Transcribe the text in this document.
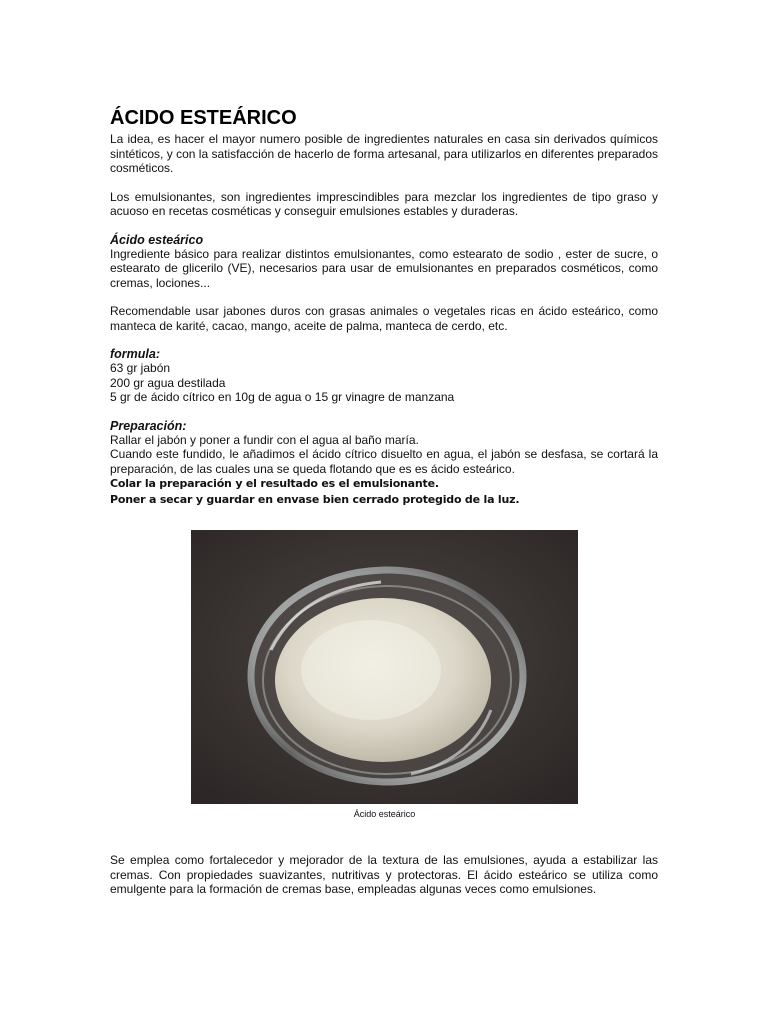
ÁCIDO ESTEÁRICO

La idea, es hacer el mayor numero posible de ingredientes naturales en casa sin derivados químicos sintéticos, y con la satisfacción de hacerlo de forma artesanal, para utilizarlos en diferentes preparados cosméticos.

Los emulsionantes, son ingredientes imprescindibles para mezclar los ingredientes de tipo graso y acuoso en recetas cosméticas y conseguir emulsiones estables y duraderas.

Ácido esteárico

Ingrediente básico para realizar distintos emulsionantes, como estearato de sodio , ester de sucre, o estearato de glicerilo (VE), necesarios para usar de emulsionantes en preparados cosméticos, como cremas, lociones...

Recomendable usar jabones duros con grasas animales o vegetales ricas en ácido esteárico, como manteca de karité, cacao, mango, aceite de palma, manteca de cerdo, etc.

formula:
63 gr jabón
200 gr agua destilada
5 gr de ácido cítrico en 10g de agua o 15 gr vinagre de manzana
Preparación:
Rallar el jabón y poner a fundir con el agua al baño maría.

Cuando este fundido, le añadimos el ácido cítrico disuelto en agua, el jabón se desfasa, se cortará la preparación, de las cuales una se queda flotando que es es ácido esteárico.

Colar la preparación y el resultado es el emulsionante.
Poner a secar y guardar en envase bien cerrado protegido de la luz.
Ácido esteárico

Se emplea como fortalecedor y mejorador de la textura de las emulsiones, ayuda a estabilizar las cremas. Con propiedades suavizantes, nutritivas y protectoras. El ácido esteárico se utiliza como emulgente para la formación de cremas base, empleadas algunas veces como emulsiones.
